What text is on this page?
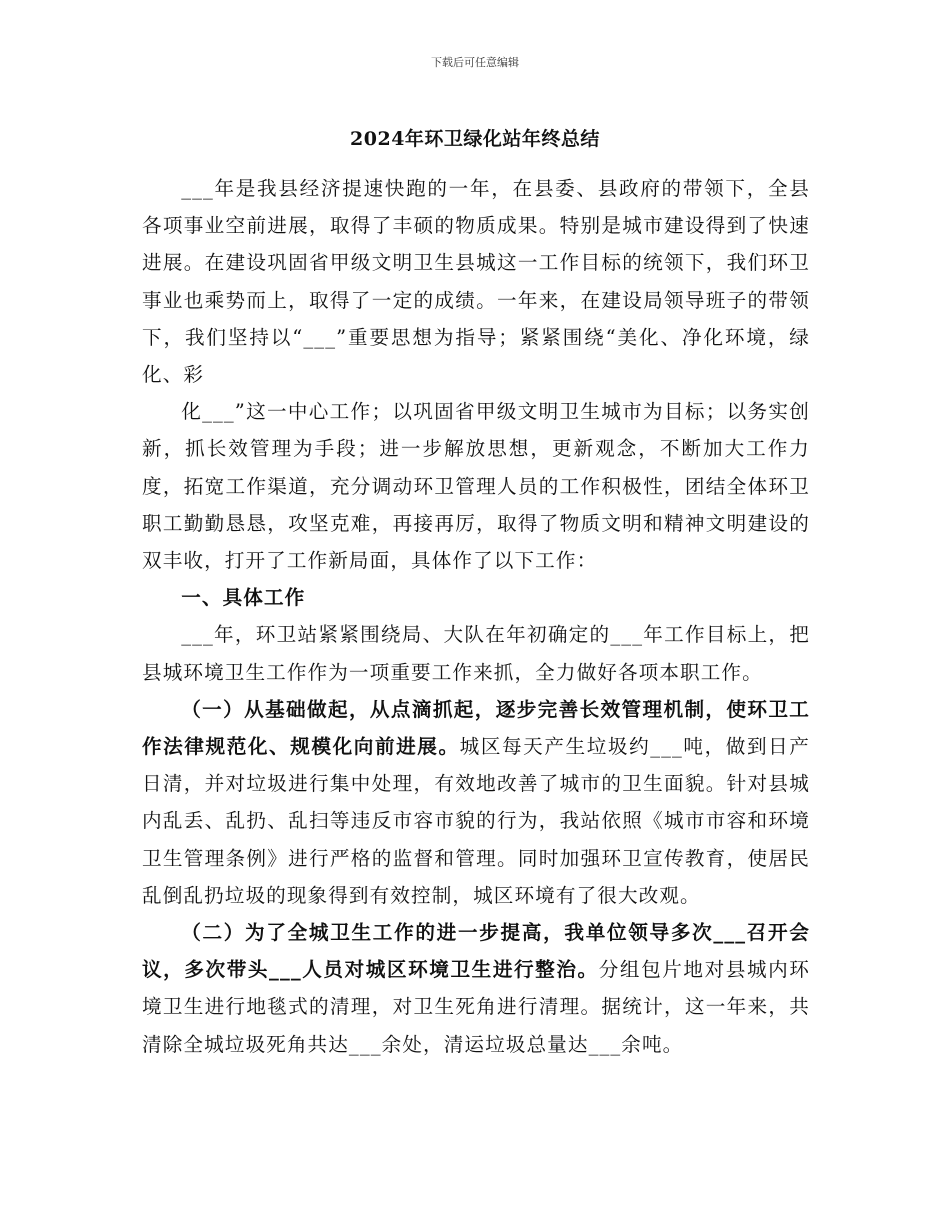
下载后可任意编辑
2024年环卫绿化站年终总结

___年是我县经济提速快跑的一年，在县委、县政府的带领下，全县各项事业空前进展，取得了丰硕的物质成果。特别是城市建设得到了快速进展。在建设巩固省甲级文明卫生县城这一工作目标的统领下，我们环卫事业也乘势而上，取得了一定的成绩。一年来，在建设局领导班子的带领下，我们坚持以“___”重要思想为指导；紧紧围绕“美化、净化环境，绿化、彩

化___”这一中心工作；以巩固省甲级文明卫生城市为目标；以务实创新，抓长效管理为手段；进一步解放思想，更新观念，不断加大工作力度，拓宽工作渠道，充分调动环卫管理人员的工作积极性，团结全体环卫职工勤勤恳恳，攻坚克难，再接再厉，取得了物质文明和精神文明建设的双丰收，打开了工作新局面，具体作了以下工作：

一、具体工作

___年，环卫站紧紧围绕局、大队在年初确定的___年工作目标上，把县城环境卫生工作作为一项重要工作来抓，全力做好各项本职工作。

（一）从基础做起，从点滴抓起，逐步完善长效管理机制，使环卫工作法律规范化、规模化向前进展。城区每天产生垃圾约___吨，做到日产日清，并对垃圾进行集中处理，有效地改善了城市的卫生面貌。针对县城内乱丢、乱扔、乱扫等违反市容市貌的行为，我站依照《城市市容和环境卫生管理条例》进行严格的监督和管理。同时加强环卫宣传教育，使居民乱倒乱扔垃圾的现象得到有效控制，城区环境有了很大改观。

（二）为了全城卫生工作的进一步提高，我单位领导多次___召开会议，多次带头___人员对城区环境卫生进行整治。分组包片地对县城内环境卫生进行地毯式的清理，对卫生死角进行清理。据统计，这一年来，共清除全城垃圾死角共达___余处，清运垃圾总量达___余吨。
